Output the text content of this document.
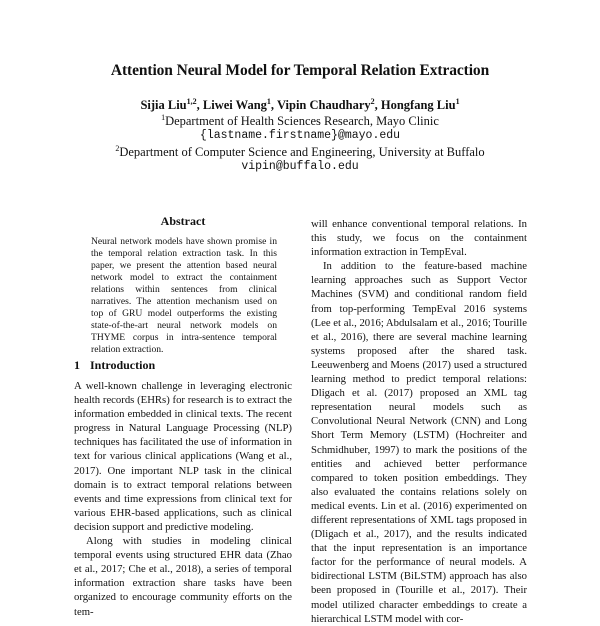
Attention Neural Model for Temporal Relation Extraction
Sijia Liu$^{1,2}$, Liwei Wang$^1$, Vipin Chaudhary$^2$, Hongfang Liu$^1$
$^1$Department of Health Sciences Research, Mayo Clinic
{lastname.firstname}@mayo.edu
$^2$Department of Computer Science and Engineering, University at Buffalo
vipin@buffalo.edu
Abstract

Neural network models have shown promise in the temporal relation extraction task. In this paper, we present the attention based neural network model to extract the containment relations within sentences from clinical narratives. The attention mechanism used on top of GRU model outperforms the existing state-of-the-art neural network models on THYME corpus in intra-sentence temporal relation extraction.

1 Introduction

A well-known challenge in leveraging electronic health records (EHRs) for research is to extract the information embedded in clinical texts. The recent progress in Natural Language Processing (NLP) techniques has facilitated the use of information in text for various clinical applications (Wang et al., 2017). One important NLP task in the clinical domain is to extract temporal relations between events and time expressions from clinical text for various EHR-based applications, such as clinical decision support and predictive modeling.

Along with studies in modeling clinical temporal events using structured EHR data (Zhao et al., 2017; Che et al., 2018), a series of temporal information extraction share tasks have been organized to encourage community efforts on the tem-

will enhance conventional temporal relations. In this study, we focus on the containment information extraction in TempEval.

In addition to the feature-based machine learning approaches such as Support Vector Machines (SVM) and conditional random field from top-performing TempEval 2016 systems (Lee et al., 2016; Abdulsalam et al., 2016; Tourille et al., 2016), there are several machine learning systems proposed after the shared task. Leeuwenberg and Moens (2017) used a structured learning method to predict temporal relations: Dligach et al. (2017) proposed an XML tag representation neural models such as Convolutional Neural Network (CNN) and Long Short Term Memory (LSTM) (Hochreiter and Schmidhuber, 1997) to mark the positions of the entities and achieved better performance compared to token position embeddings. They also evaluated the contains relations solely on medical events. Lin et al. (2016) experimented on different representations of XML tags proposed in (Dligach et al., 2017), and the results indicated that the input representation is an importance factor for the performance of neural models. A bidirectional LSTM (BiLSTM) approach has also been proposed in (Tourille et al., 2017). Their model utilized character embeddings to create a hierarchical LSTM model with cor-
